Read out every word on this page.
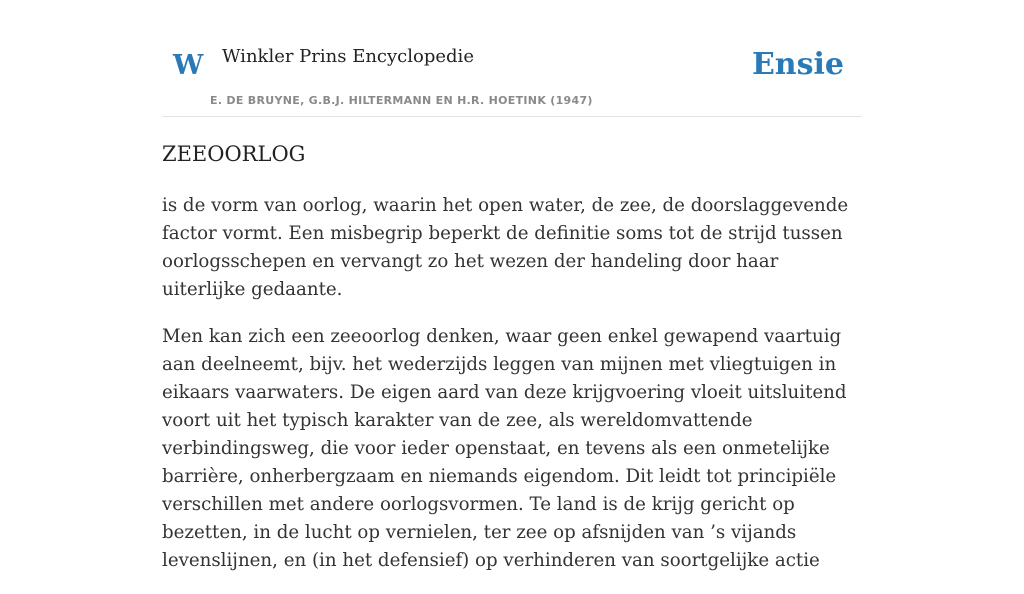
W Winkler Prins Encyclopedie
E. DE BRUYNE, G.B.J. HILTERMANN EN H.R. HOETINK (1947)
Ensie
ZEEOORLOG

is de vorm van oorlog, waarin het open water, de zee, de doorslaggevende factor vormt. Een misbegrip beperkt de definitie soms tot de strijd tussen oorlogsschepen en vervangt zo het wezen der handeling door haar uiterlijke gedaante.

Men kan zich een zeeoorlog denken, waar geen enkel gewapend vaartuig aan deelneemt, bijv. het wederzijds leggen van mijnen met vliegtuigen in eikaars vaarwaters. De eigen aard van deze krijgvoering vloeit uitsluitend voort uit het typisch karakter van de zee, als wereldomvattende verbindingsweg, die voor ieder openstaat, en tevens als een onmetelijke barrière, onherbergzaam en niemands eigendom. Dit leidt tot principiële verschillen met andere oorlogsvormen. Te land is de krijg gericht op bezetten, in de lucht op vernielen, ter zee op afsnijden van ’s vijands levenslijnen, en (in het defensief) op verhinderen van soortgelijke actie
